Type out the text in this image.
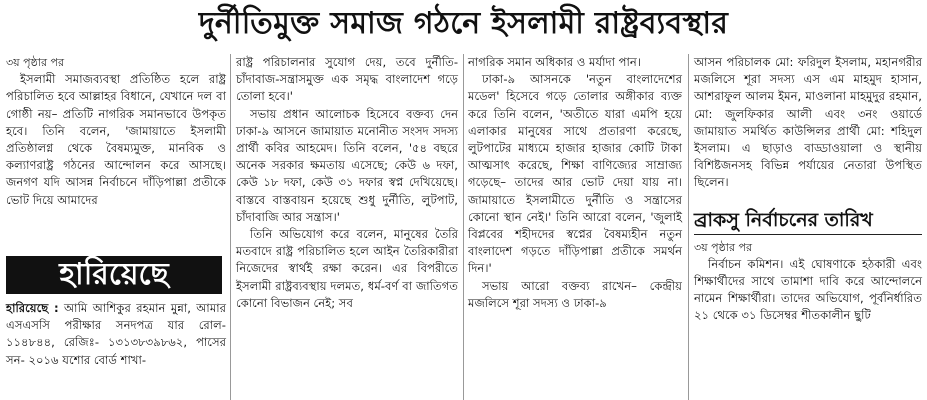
দুর্নীতিমুক্ত সমাজ গঠনে ইসলামী রাষ্ট্রব্যবস্থার

৩য় পৃষ্ঠার পর

ইসলামী সমাজব্যবস্থা প্রতিষ্ঠিত হলে রাষ্ট্র পরিচালিত হবে আল্লাহর বিধানে, যেখানে দল বা গোষ্ঠী নয়– প্রতিটি নাগরিক সমানভাবে উপকৃত হবে। তিনি বলেন, 'জামায়াতে ইসলামী প্রতিষ্ঠালগ্ন থেকে বৈষম্যমুক্ত, মানবিক ও কল্যাণরাষ্ট্র গঠনের আন্দোলন করে আসছে। জনগণ যদি আসন্ন নির্বাচনে দাঁড়িপাল্লা প্রতীকে ভোট দিয়ে আমাদের

হারিয়েছে

হারিয়েছে : আমি আশিকুর রহমান মুন্না, আমার এসএসসি পরীক্ষার সনদপত্র যার রোল- ১১৪৮৪৪, রেজিঃ- ১৩১৩৮৩৯৮৬২, পাসের সন- ২০১৬ যশোর বোর্ড শাখা-

রাষ্ট্র পরিচালনার সুযোগ দেয়, তবে দুর্নীতি-চাঁদাবাজ-সন্ত্রাসমুক্ত এক সমৃদ্ধ বাংলাদেশ গড়ে তোলা হবে।'

সভায় প্রধান আলোচক হিসেবে বক্তব্য দেন ঢাকা-৯ আসনে জামায়াত মনোনীত সংসদ সদস্য প্রার্থী কবির আহমেদ। তিনি বলেন, '৫৪ বছরে অনেক সরকার ক্ষমতায় এসেছে; কেউ ৬ দফা, কেউ ১৮ দফা, কেউ ৩১ দফার স্বপ্ন দেখিয়েছে। বাস্তবে বাস্তবায়ন হয়েছে শুধু দুর্নীতি, লুটপাট, চাঁদাবাজি আর সন্ত্রাস।'

তিনি অভিযোগ করে বলেন, মানুষের তৈরি মতবাদে রাষ্ট্র পরিচালিত হলে আইন তৈরিকারীরা নিজেদের স্বার্থই রক্ষা করেন। এর বিপরীতে ইসলামী রাষ্ট্রব্যবস্থায় দলমত, ধর্ম-বর্ণ বা জাতিগত কোনো বিভাজন নেই; সব

নাগরিক সমান অধিকার ও মর্যাদা পান।

ঢাকা-৯ আসনকে 'নতুন বাংলাদেশের মডেল' হিসেবে গড়ে তোলার অঙ্গীকার ব্যক্ত করে তিনি বলেন, 'অতীতে যারা এমপি হয়ে এলাকার মানুষের সাথে প্রতারণা করেছে, লুটপাটের মাধ্যমে হাজার হাজার কোটি টাকা আত্মসাৎ করেছে, শিক্ষা বাণিজ্যের সাম্রাজ্য গড়েছে– তাদের আর ভোট দেয়া যায় না। জামায়াতে ইসলামীতে দুর্নীতি ও সন্ত্রাসের কোনো স্থান নেই।' তিনি আরো বলেন, 'জুলাই বিপ্লবের শহীদদের স্বপ্নের বৈষম্যহীন নতুন বাংলাদেশ গড়তে দাঁড়িপাল্লা প্রতীকে সমর্থন দিন।'

সভায় আরো বক্তব্য রাখেন– কেন্দ্রীয় মজলিসে শূরা সদস্য ও ঢাকা-৯

আসন পরিচালক মো: ফরিদুল ইসলাম, মহানগরীর মজলিসে শূরা সদস্য এস এম মাহমুদ হাসান, আশরাফুল আলম ইমন, মাওলানা মাহমুদুর রহমান, মো: জুলফিকার আলী এবং ৩নং ওয়ার্ডে জামায়াত সমর্থিত কাউন্সিলর প্রার্থী মো: শহিদুল ইসলাম। এ ছাড়াও বাড্ডাওয়ালা ও স্থানীয় বিশিষ্টজনসহ বিভিন্ন পর্যায়ের নেতারা উপস্থিত ছিলেন।

ব্রাকসু নির্বাচনের তারিখ

৩য় পৃষ্ঠার পর

নির্বাচন কমিশন। এই ঘোষণাকে হঠকারী এবং শিক্ষার্থীদের সাথে তামাশা দাবি করে আন্দোলনে নামেন শিক্ষার্থীরা। তাদের অভিযোগ, পূর্বনির্ধারিত ২১ থেকে ৩১ ডিসেম্বর শীতকালীন ছুটি
